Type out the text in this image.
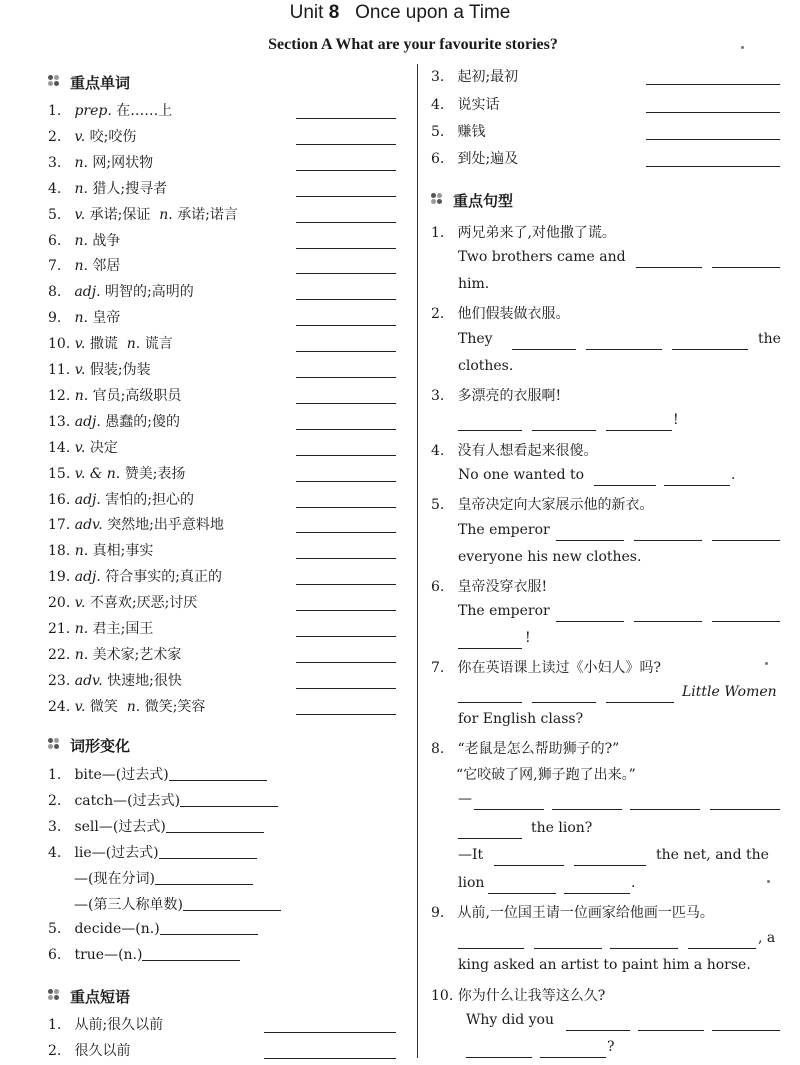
Unit 8 Once upon a Time
Section A What are your favourite stories?
重点单词
1. prep. 在……上
2. v. 咬;咬伤
3. n. 网;网状物
4. n. 猎人;搜寻者
5. v. 承诺;保证 n. 承诺;诺言
6. n. 战争
7. n. 邻居
8. adj. 明智的;高明的
9. n. 皇帝
10. v. 撒谎 n. 谎言
11. v. 假装;伪装
12. n. 官员;高级职员
13. adj. 愚蠢的;傻的
14. v. 决定
15. v. & n. 赞美;表扬
16. adj. 害怕的;担心的
17. adv. 突然地;出乎意料地
18. n. 真相;事实
19. adj. 符合事实的;真正的
20. v. 不喜欢;厌恶;讨厌
21. n. 君主;国王
22. n. 美术家;艺术家
23. adv. 快速地;很快
24. v. 微笑 n. 微笑;笑容
词形变化
1. bite—(过去式)
2. catch—(过去式)
3. sell—(过去式)
4. lie—(过去式)
—(现在分词)
—(第三人称单数)
5. decide—(n.)
6. true—(n.)
重点短语
1. 从前;很久以前
2. 很久以前
3. 起初;最初
4. 说实话
5. 赚钱
6. 到处;遍及
重点句型
1. 两兄弟来了,对他撒了谎。
Two brothers came and
him.
2. 他们假装做衣服。
They	the
clothes.
3. 多漂亮的衣服啊!
!
4. 没有人想看起来很傻。
No one wanted to	.
5. 皇帝决定向大家展示他的新衣。
The emperor
everyone his new clothes.
6. 皇帝没穿衣服!
The emperor
!
7. 你在英语课上读过《小妇人》吗?
Little Women
for English class?
8. “老鼠是怎么帮助狮子的?”
“它咬破了网,狮子跑了出来。”
—
the lion?
—It	the net, and the
lion	.
9. 从前,一位国王请一位画家给他画一匹马。
, a
king asked an artist to paint him a horse.
10. 你为什么让我等这么久?
Why did you
?
